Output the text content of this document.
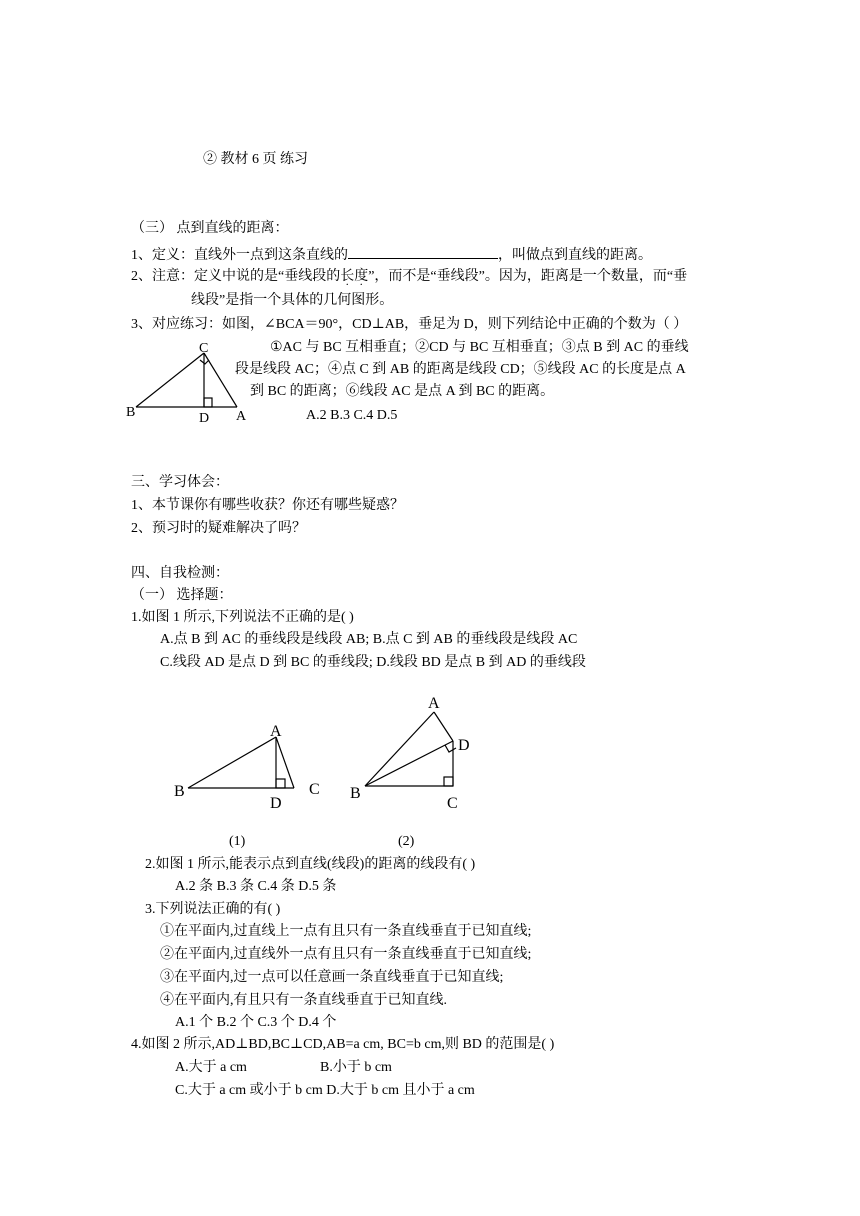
② 教材 6 页 练习
（三） 点到直线的距离：
1、定义：直线外一点到这条直线的	，叫做点到直线的距离。
2、注意：定义中说的是“垂线段的长度”，而不是“垂线段”。因为，距离是一个数量，而“垂
线段”是指一个具体的几何图形。
3、对应练习：如图，∠BCA＝90°，CD⊥AB，垂足为 D，则下列结论中正确的个数为（ ）
①AC 与 BC 互相垂直；②CD 与 BC 互相垂直；③点 B 到 AC 的垂线
段是线段 AC；④点 C 到 AB 的距离是线段 CD；⑤线段 AC 的长度是点 A
到 BC 的距离；⑥线段 AC 是点 A 到 BC 的距离。
A.2 B.3 C.4 D.5
C
B	D A
三、学习体会：
1、本节课你有哪些收获？你还有哪些疑惑？
2、预习时的疑难解决了吗？
四、自我检测：
（一） 选择题：
1.如图 1 所示,下列说法不正确的是( )
A.点 B 到 AC 的垂线段是线段 AB; B.点 C 到 AB 的垂线段是线段 AC
C.线段 AD 是点 D 到 BC 的垂线段; D.线段 BD 是点 B 到 AD 的垂线段
A
B	C
D
A
D
B
C
(1)	(2)
2.如图 1 所示,能表示点到直线(线段)的距离的线段有( )
A.2 条 B.3 条 C.4 条 D.5 条
3.下列说法正确的有( )
①在平面内,过直线上一点有且只有一条直线垂直于已知直线;
②在平面内,过直线外一点有且只有一条直线垂直于已知直线;
③在平面内,过一点可以任意画一条直线垂直于已知直线;
④在平面内,有且只有一条直线垂直于已知直线.
A.1 个 B.2 个 C.3 个 D.4 个
4.如图 2 所示,AD⊥BD,BC⊥CD,AB=a cm, BC=b cm,则 BD 的范围是( )
A.大于 a cm	B.小于 b cm
C.大于 a cm 或小于 b cm D.大于 b cm 且小于 a cm
